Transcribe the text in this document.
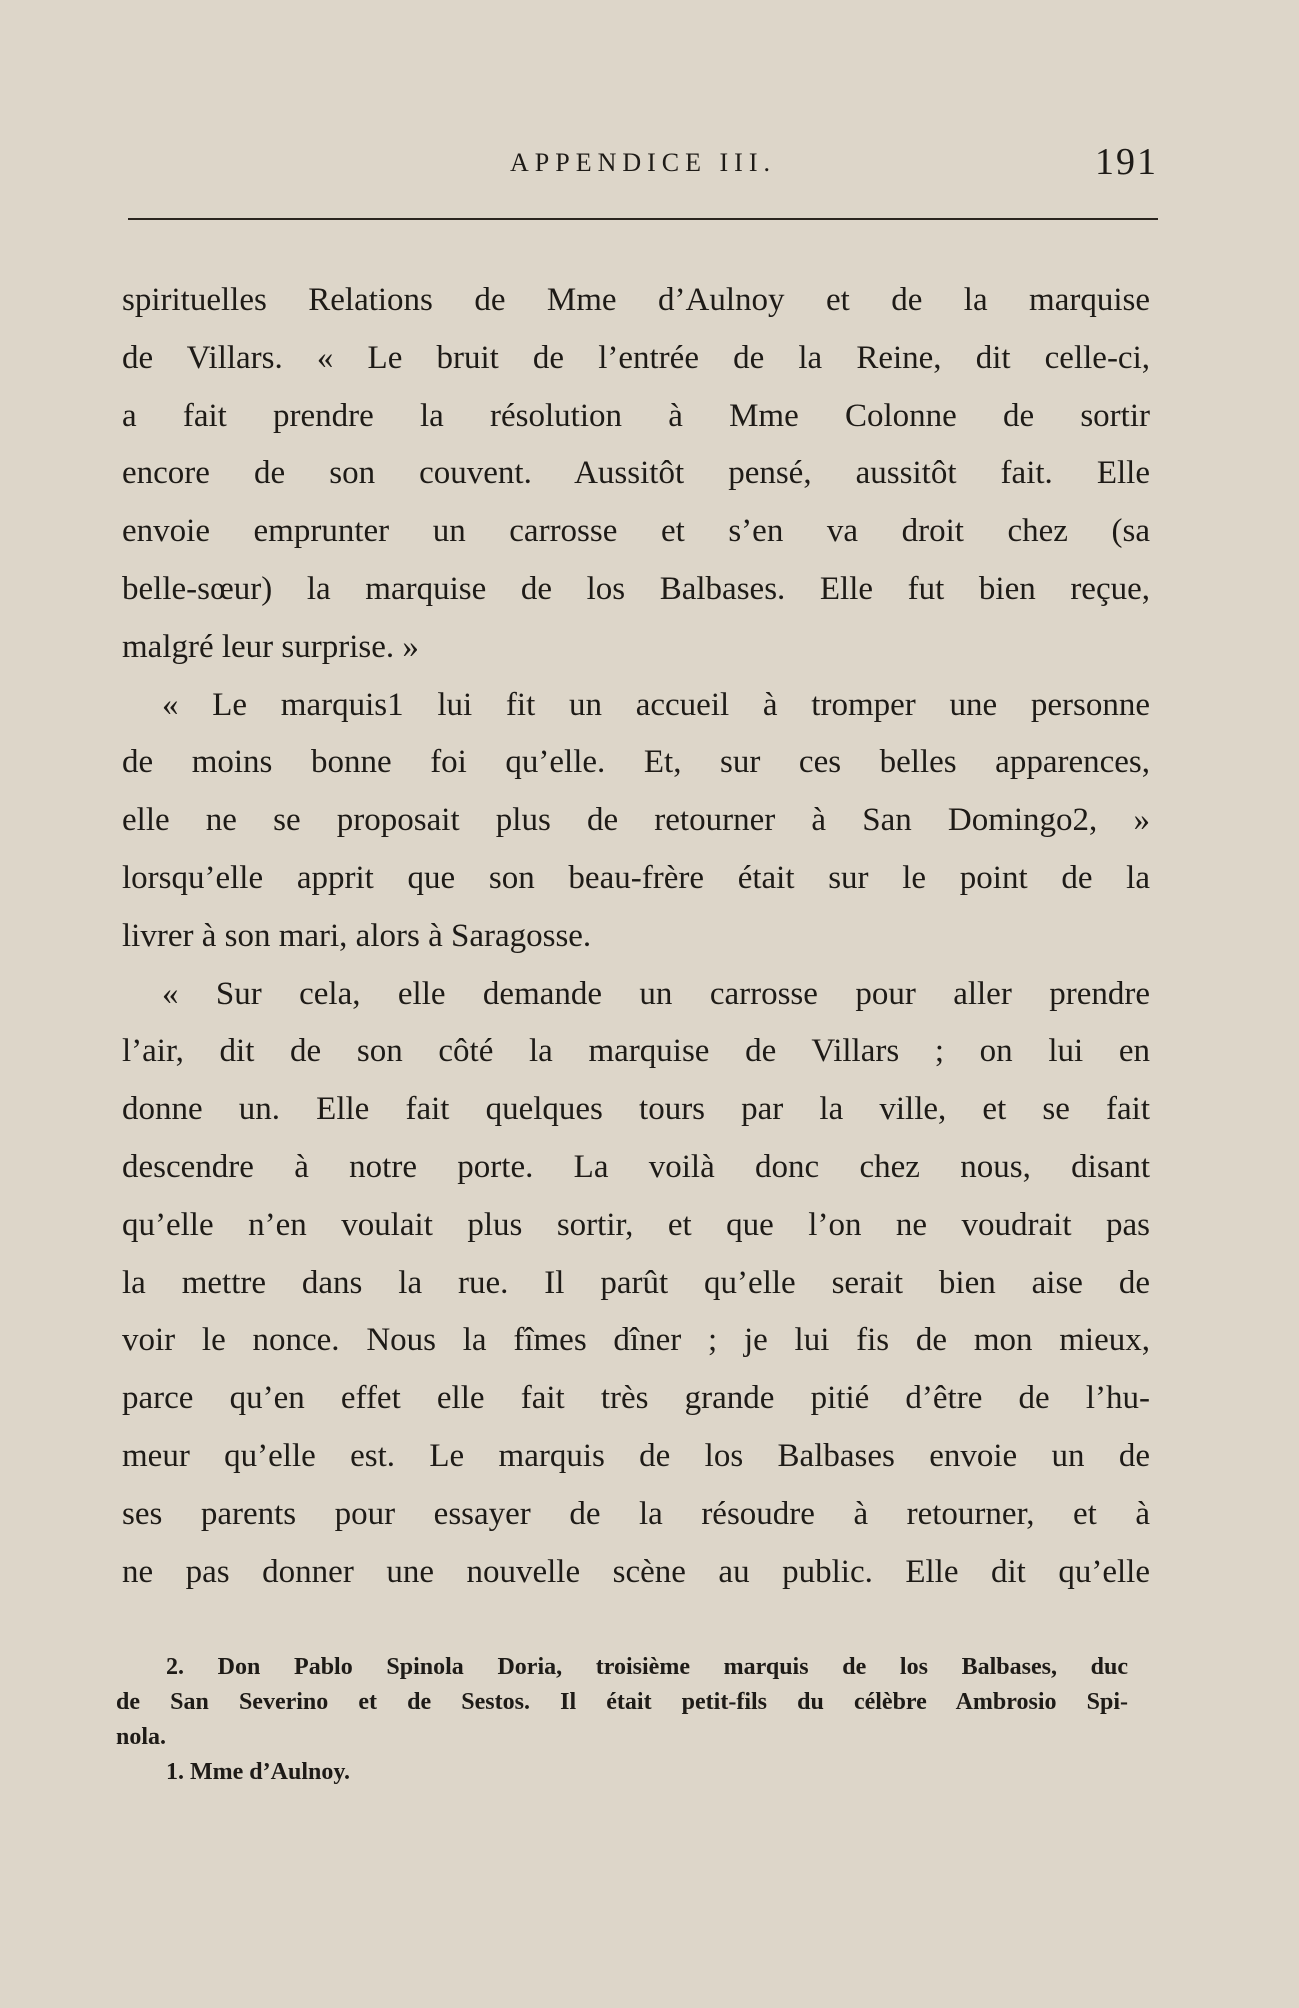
APPENDICE III.	191
spirituelles Relations de Mme d’Aulnoy et de la marquise
de Villars. « Le bruit de l’entrée de la Reine, dit celle-ci,
a fait prendre la résolution à Mme Colonne de sortir
encore de son couvent. Aussitôt pensé, aussitôt fait. Elle
envoie emprunter un carrosse et s’en va droit chez (sa
belle-sœur) la marquise de los Balbases. Elle fut bien reçue,
malgré leur surprise. »
« Le marquis1 lui fit un accueil à tromper une personne
de moins bonne foi qu’elle. Et, sur ces belles apparences,
elle ne se proposait plus de retourner à San Domingo2, »
lorsqu’elle apprit que son beau-frère était sur le point de la
livrer à son mari, alors à Saragosse.
« Sur cela, elle demande un carrosse pour aller prendre
l’air, dit de son côté la marquise de Villars ; on lui en
donne un. Elle fait quelques tours par la ville, et se fait
descendre à notre porte. La voilà donc chez nous, disant
qu’elle n’en voulait plus sortir, et que l’on ne voudrait pas
la mettre dans la rue. Il parût qu’elle serait bien aise de
voir le nonce. Nous la fîmes dîner ; je lui fis de mon mieux,
parce qu’en effet elle fait très grande pitié d’être de l’hu-
meur qu’elle est. Le marquis de los Balbases envoie un de
ses parents pour essayer de la résoudre à retourner, et à
ne pas donner une nouvelle scène au public. Elle dit qu’elle
2. Don Pablo Spinola Doria, troisième marquis de los Balbases, duc
de San Severino et de Sestos. Il était petit-fils du célèbre Ambrosio Spi-
nola.
1. Mme d’Aulnoy.
